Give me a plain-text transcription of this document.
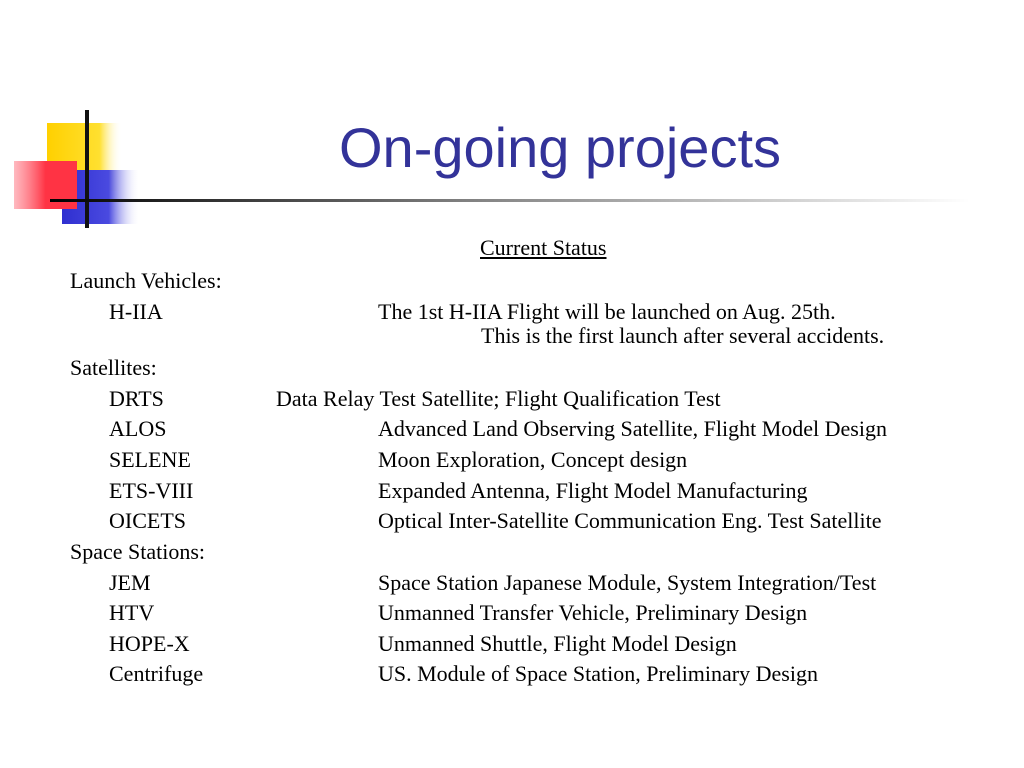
On-going projects
Current Status
Launch Vehicles:
H-IIA	The 1st H-IIA Flight will be launched on Aug. 25th.
This is the first launch after several accidents.
Satellites:
DRTS	Data Relay Test Satellite; Flight Qualification Test
ALOS	Advanced Land Observing Satellite, Flight Model Design
SELENE	Moon Exploration, Concept design
ETS-VIII	Expanded Antenna, Flight Model Manufacturing
OICETS	Optical Inter-Satellite Communication Eng. Test Satellite
Space Stations:
JEM	Space Station Japanese Module, System Integration/Test
HTV	Unmanned Transfer Vehicle, Preliminary Design
HOPE-X	Unmanned Shuttle, Flight Model Design
Centrifuge	US. Module of Space Station, Preliminary Design
